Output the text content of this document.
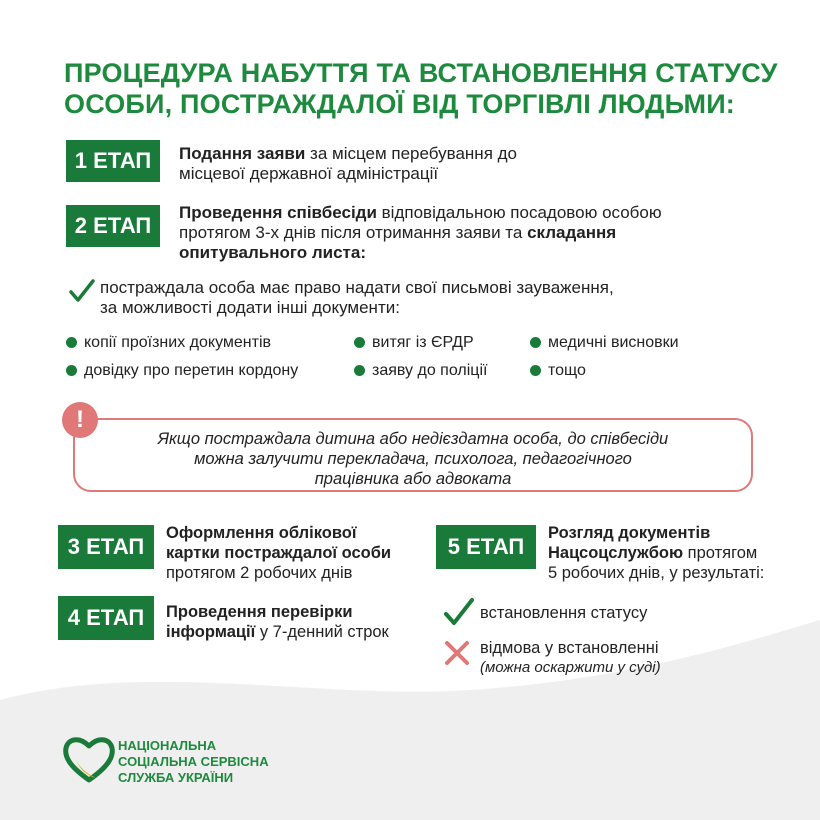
ПРОЦЕДУРА НАБУТТЯ ТА ВСТАНОВЛЕННЯ СТАТУСУ
ОСОБИ, ПОСТРАЖДАЛОЇ ВІД ТОРГІВЛІ ЛЮДЬМИ:
1 ЕТАП	Подання заяви за місцем перебування до
місцевої державної адміністрації
2 ЕТАП
Проведення співбесіди відповідальною посадовою особою
протягом 3-х днів після отримання заяви та складання
опитувального листа:
постраждала особа має право надати свої письмові зауваження,
за можливості додати інші документи:
копії проїзних документів	витяг із ЄРДР	медичні висновки
довідку про перетин кордону	заяву до поліції	тощо
Якщо постраждала дитина або недієздатна особа, до співбесіди
можна залучити перекладача, психолога, педагогічного
працівника або адвоката
!
3 ЕТАП
Оформлення облікової
картки постраждалої особи
протягом 2 робочих днів
4 ЕТАП	Проведення перевірки
інформації у 7-денний строк
5 ЕТАП
Розгляд документів
Нацсоцслужбою протягом
5 робочих днів, у результаті:
встановлення статусу
відмова у встановленні
(можна оскаржити у суді)
НАЦІОНАЛЬНА
СОЦІАЛЬНА СЕРВІСНА
СЛУЖБА УКРАЇНИ
